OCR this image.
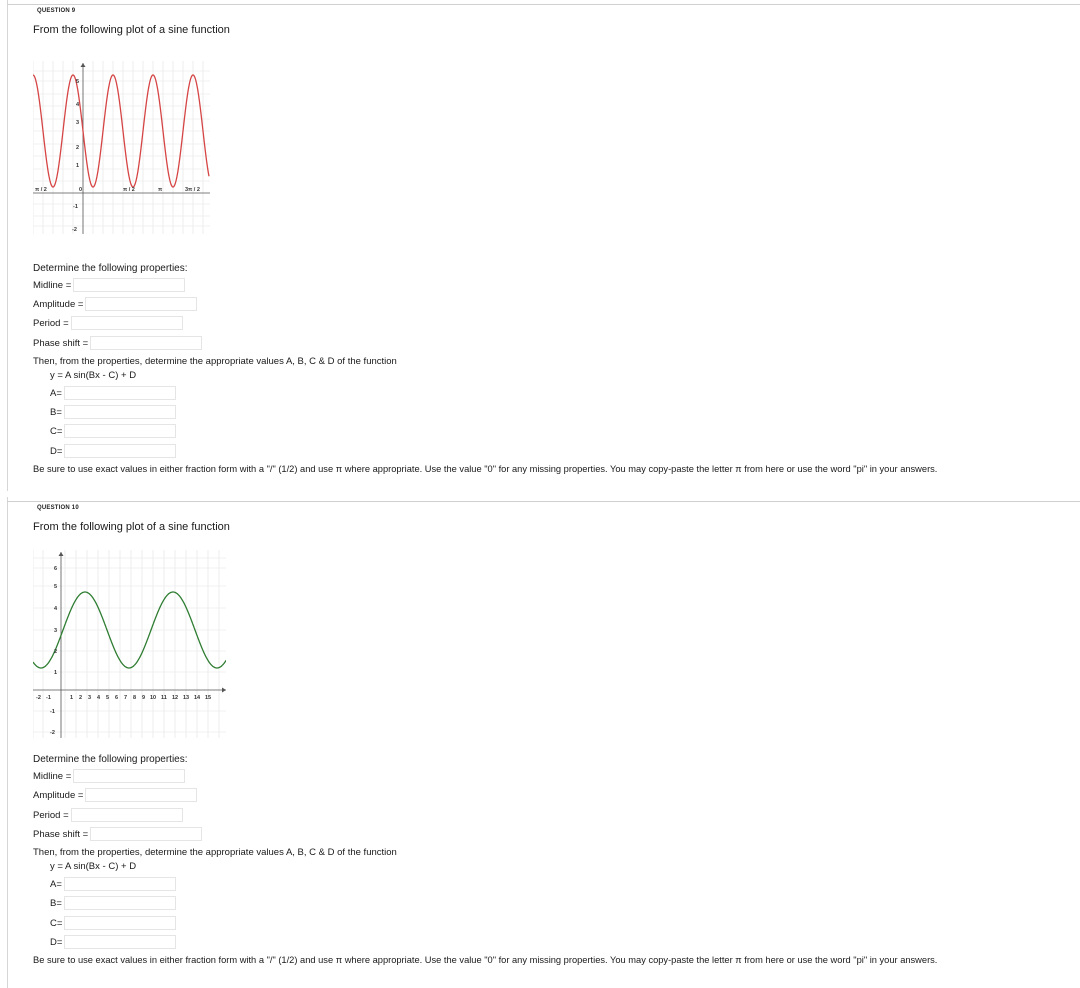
QUESTION 9
From the following plot of a sine function
5
4
3
2
1
-1
-2
π / 2	0	π / 2	π	3π / 2
Determine the following properties:
Midline =
Amplitude =
Period =
Phase shift =
Then, from the properties, determine the appropriate values A, B, C & D of the function
y = A sin(Bx - C) + D
A=
B=
C=
D=
Be sure to use exact values in either fraction form with a "/" (1/2) and use π where appropriate. Use the value "0" for any missing properties. You may copy-paste the letter π from here or use the word "pi" in your answers.
QUESTION 10
From the following plot of a sine function
6
5
4
3
2
1
-1
-2
-2 -1	1 2 3 4 5 6 7 8 9 10 11 12 13 14 15
Determine the following properties:
Midline =
Amplitude =
Period =
Phase shift =
Then, from the properties, determine the appropriate values A, B, C & D of the function
y = A sin(Bx - C) + D
A=
B=
C=
D=
Be sure to use exact values in either fraction form with a "/" (1/2) and use π where appropriate. Use the value "0" for any missing properties. You may copy-paste the letter π from here or use the word "pi" in your answers.
